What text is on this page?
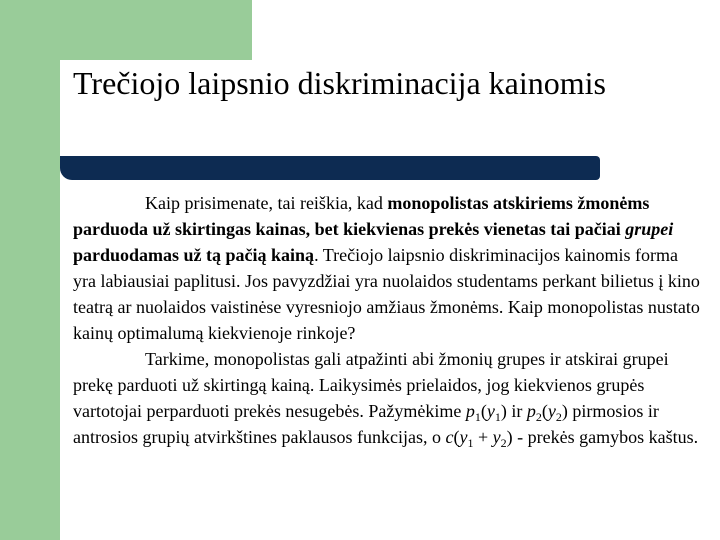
Trečiojo laipsnio diskriminacija kainomis

Kaip prisimenate, tai reiškia, kad monopolistas atskiriems žmonėms parduoda už skirtingas kainas, bet kiekvienas prekės vienetas tai pačiai grupei parduodamas už tą pačią kainą. Trečiojo laipsnio diskriminacijos kainomis forma yra labiausiai paplitusi. Jos pavyzdžiai yra nuolaidos studentams perkant bilietus į kino teatrą ar nuolaidos vaistinėse vyresniojo amžiaus žmonėms. Kaip monopolistas nustato kainų optimalumą kiekvienoje rinkoje?

Tarkime, monopolistas gali atpažinti abi žmonių grupes ir atskirai grupei prekę parduoti už skirtingą kainą. Laikysimės prielaidos, jog kiekvienos grupės vartotojai perparduoti prekės nesugebės. Pažymėkime $p_1(y_1)$ ir $p_2(y_2)$ pirmosios ir antrosios grupių atvirkštines paklausos funkcijas, o $c(y_1 + y_2)$ - prekės gamybos kaštus.
